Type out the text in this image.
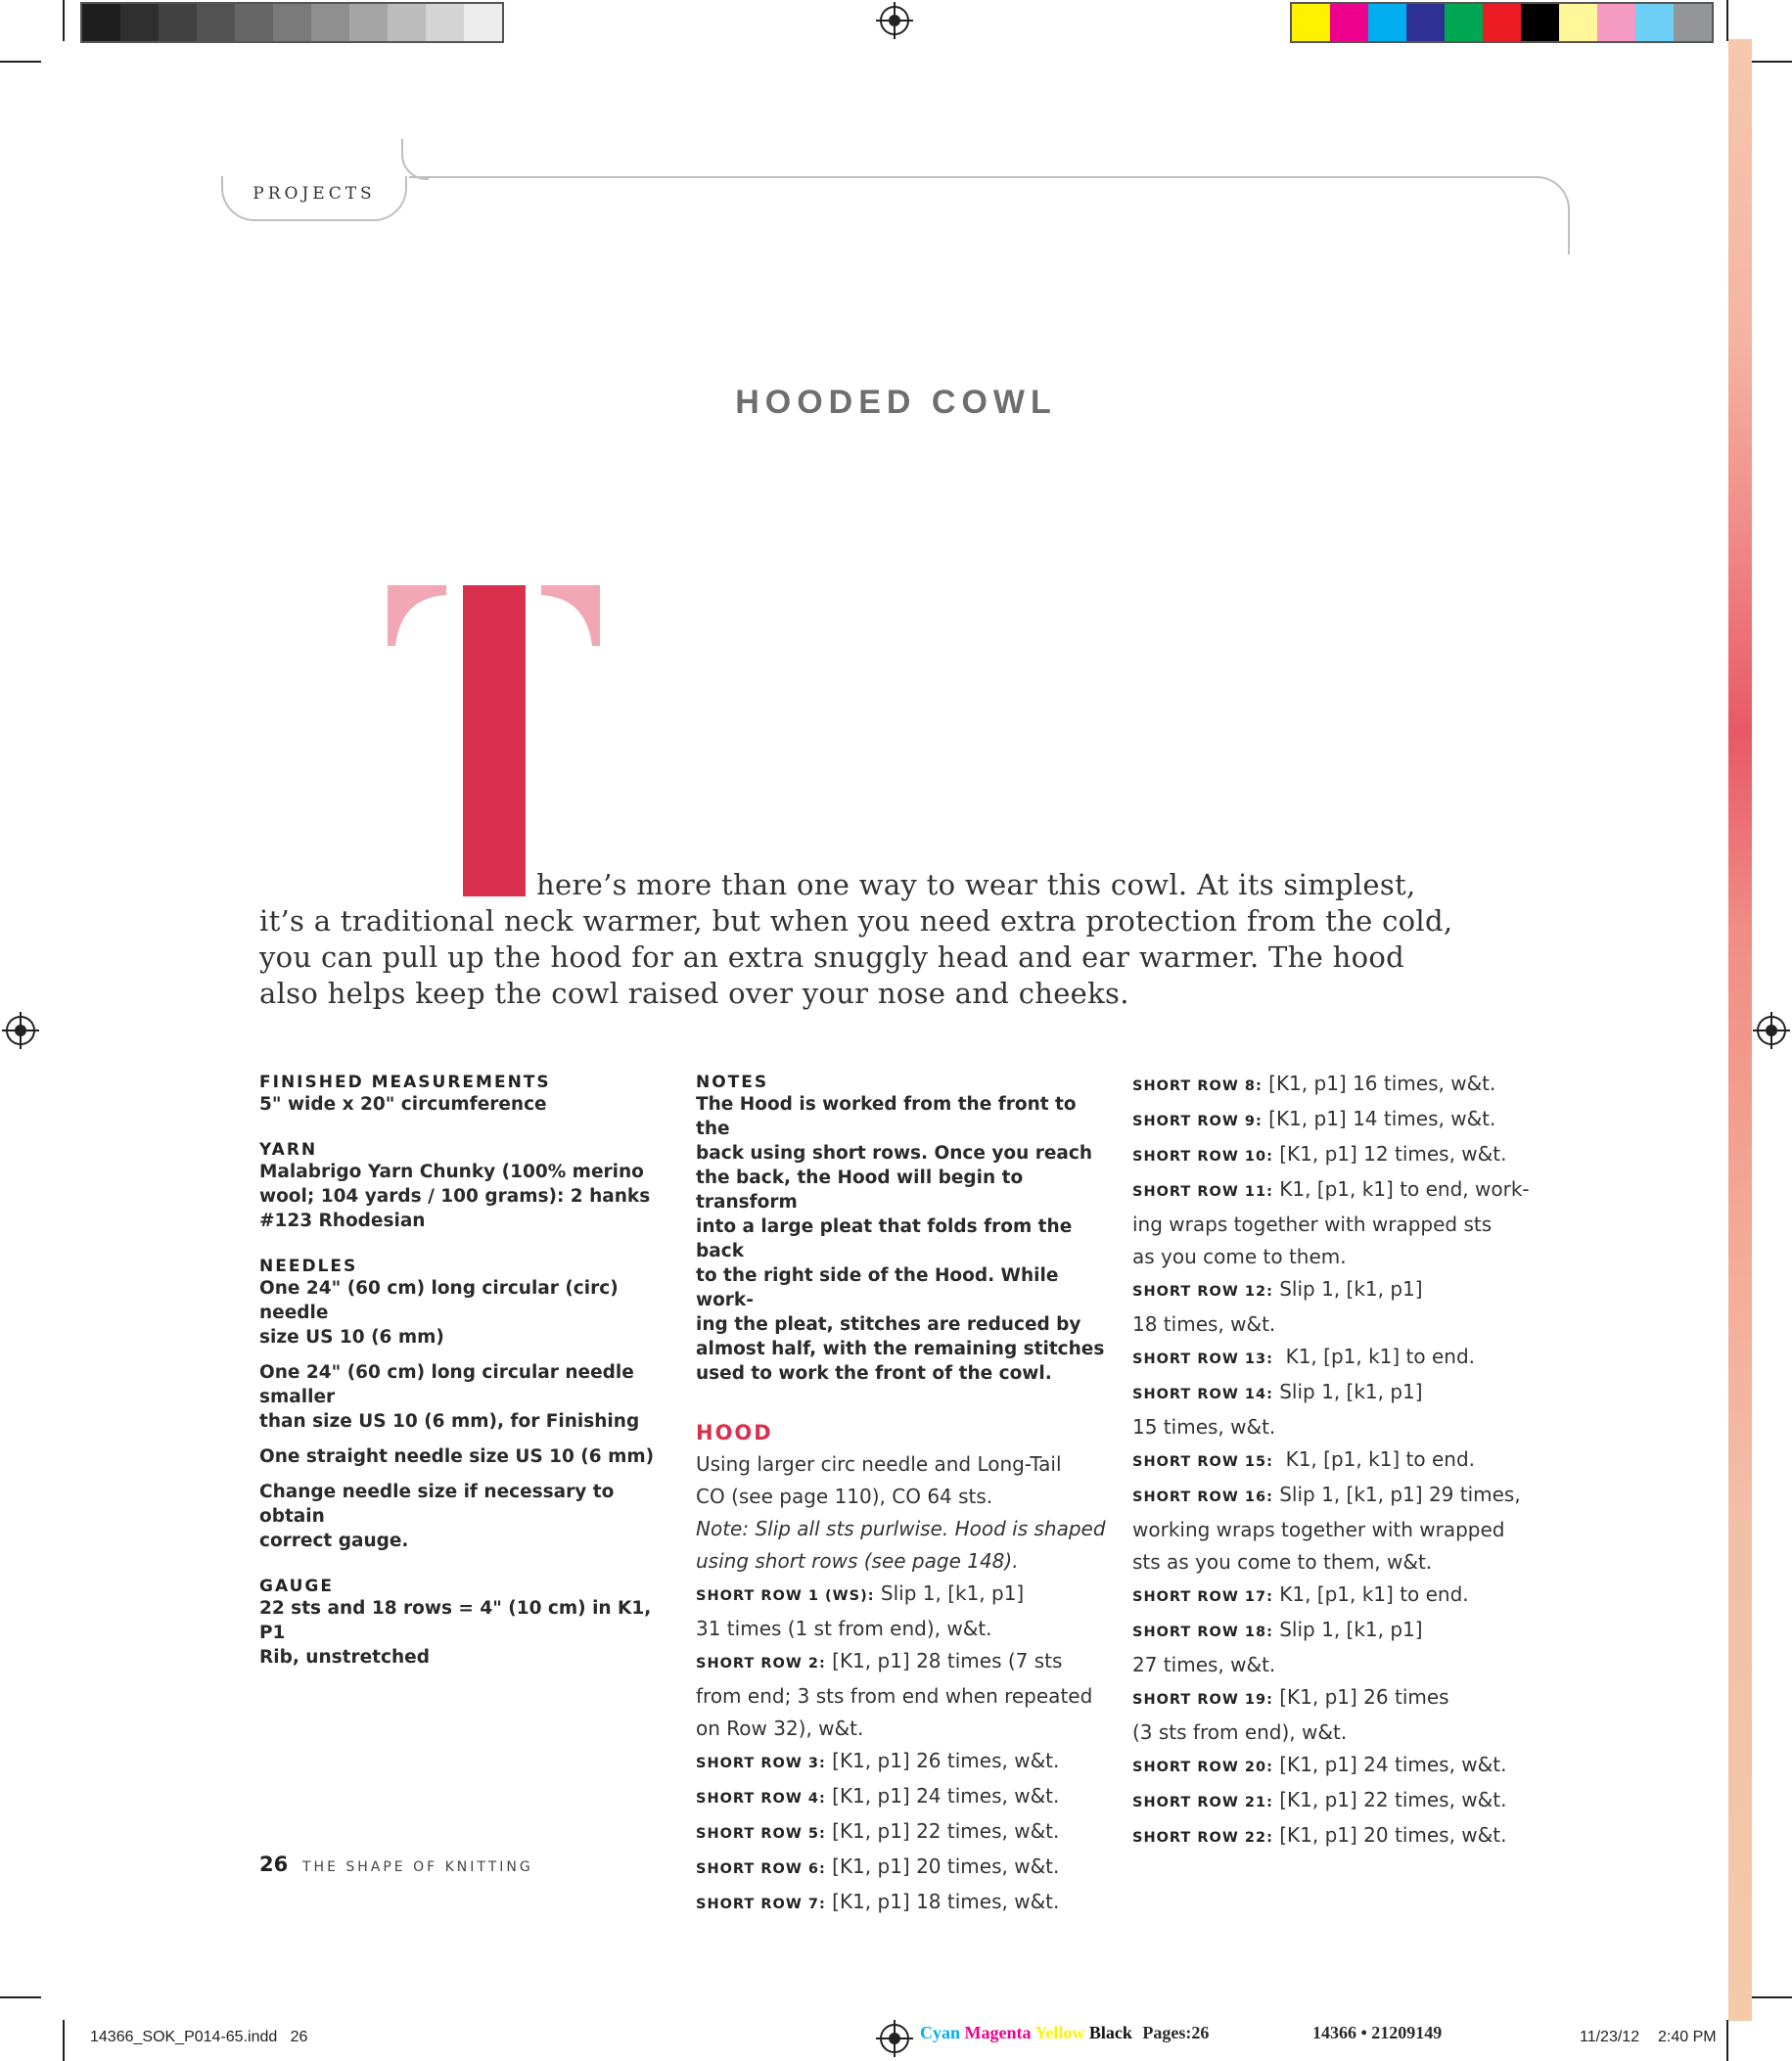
PROJECTS
HOODED COWL
here’s more than one way to wear this cowl. At its simplest,
it’s a traditional neck warmer, but when you need extra protection from the cold,
you can pull up the hood for an extra snuggly head and ear warmer. The hood
also helps keep the cowl raised over your nose and cheeks.
FINISHED MEASUREMENTS
5" wide x 20" circumference
YARN
Malabrigo Yarn Chunky (100% merino
wool; 104 yards / 100 grams): 2 hanks
#123 Rhodesian
NEEDLES
One 24" (60 cm) long circular (circ) needle
size US 10 (6 mm)
One 24" (60 cm) long circular needle smaller
than size US 10 (6 mm), for Finishing
One straight needle size US 10 (6 mm)
Change needle size if necessary to obtain
correct gauge.
GAUGE
22 sts and 18 rows = 4" (10 cm) in K1, P1
Rib, unstretched
NOTES
The Hood is worked from the front to the
back using short rows. Once you reach
the back, the Hood will begin to transform
into a large pleat that folds from the back
to the right side of the Hood. While work-
ing the pleat, stitches are reduced by
almost half, with the remaining stitches
used to work the front of the cowl.
HOOD
Using larger circ needle and Long-Tail
CO (see page 110), CO 64 sts.
Note: Slip all sts purlwise. Hood is shaped
using short rows (see page 148).
SHORT ROW 1 (WS): Slip 1, [k1, p1]
31 times (1 st from end), w&t.
SHORT ROW 2: [K1, p1] 28 times (7 sts
from end; 3 sts from end when repeated
on Row 32), w&t.
SHORT ROW 3: [K1, p1] 26 times, w&t.
SHORT ROW 4: [K1, p1] 24 times, w&t.
SHORT ROW 5: [K1, p1] 22 times, w&t.
SHORT ROW 6: [K1, p1] 20 times, w&t.
SHORT ROW 7: [K1, p1] 18 times, w&t.
SHORT ROW 8: [K1, p1] 16 times, w&t.
SHORT ROW 9: [K1, p1] 14 times, w&t.
SHORT ROW 10: [K1, p1] 12 times, w&t.
SHORT ROW 11: K1, [p1, k1] to end, work-
ing wraps together with wrapped sts
as you come to them.
SHORT ROW 12: Slip 1, [k1, p1]
18 times, w&t.
SHORT ROW 13:  K1, [p1, k1] to end.
SHORT ROW 14: Slip 1, [k1, p1]
15 times, w&t.
SHORT ROW 15:  K1, [p1, k1] to end.
SHORT ROW 16: Slip 1, [k1, p1] 29 times,
working wraps together with wrapped
sts as you come to them, w&t.
SHORT ROW 17: K1, [p1, k1] to end.
SHORT ROW 18: Slip 1, [k1, p1]
27 times, w&t.
SHORT ROW 19: [K1, p1] 26 times
(3 sts from end), w&t.
SHORT ROW 20: [K1, p1] 24 times, w&t.
SHORT ROW 21: [K1, p1] 22 times, w&t.
SHORT ROW 22: [K1, p1] 20 times, w&t.
26 THE SHAPE OF KNITTING
14366_SOK_P014-65.indd   26	Cyan Magenta Yellow Black Pages:26	14366 • 21209149	11/23/12 2:40 PM
